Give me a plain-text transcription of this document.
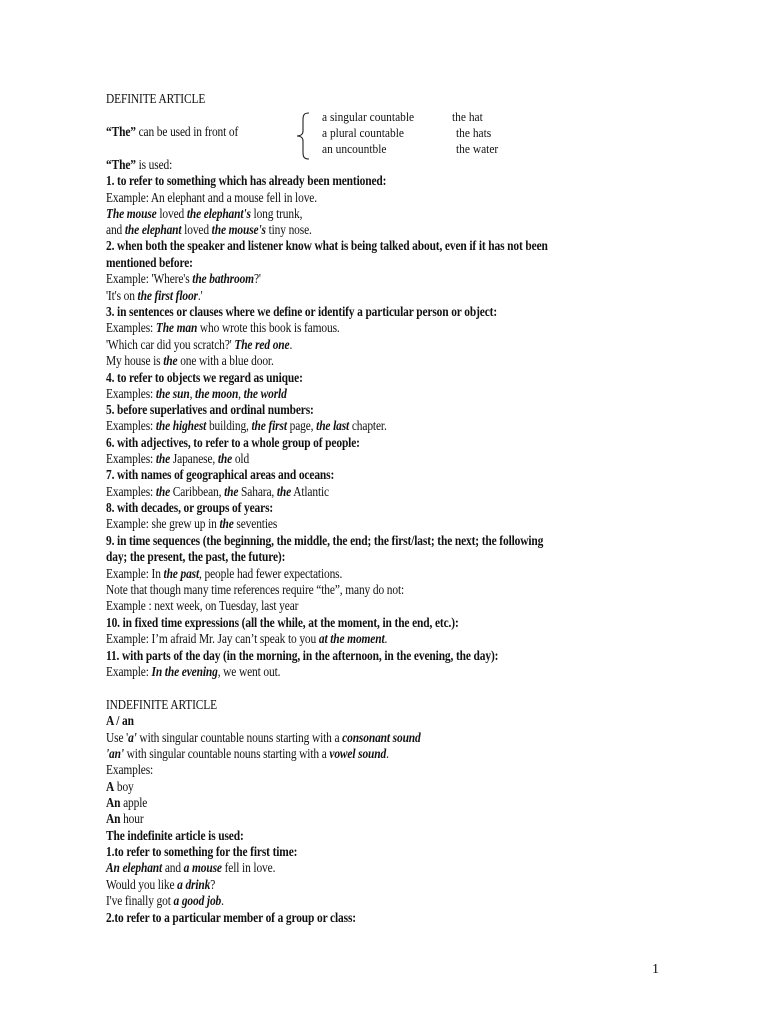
DEFINITE ARTICLE
“The” can be used in front of
a singular countable
a plural countable
an uncountble
the hat
the hats
the water
“The” is used:
1. to refer to something which has already been mentioned:
Example: An elephant and a mouse fell in love.
The mouse loved the elephant's long trunk,
and the elephant loved the mouse's tiny nose.
2. when both the speaker and listener know what is being talked about, even if it has not been
mentioned before:
Example: 'Where's the bathroom?'
'It's on the first floor.'
3. in sentences or clauses where we define or identify a particular person or object:
Examples: The man who wrote this book is famous.
'Which car did you scratch?' The red one.
My house is the one with a blue door.
4. to refer to objects we regard as unique:
Examples: the sun, the moon, the world
5. before superlatives and ordinal numbers:
Examples: the highest building, the first page, the last chapter.
6. with adjectives, to refer to a whole group of people:
Examples: the Japanese, the old
7. with names of geographical areas and oceans:
Examples: the Caribbean, the Sahara, the Atlantic
8. with decades, or groups of years:
Example: she grew up in the seventies
9. in time sequences (the beginning, the middle, the end; the first/last; the next; the following
day; the present, the past, the future):
Example: In the past, people had fewer expectations.
Note that though many time references require “the”, many do not:
Example : next week, on Tuesday, last year
10. in fixed time expressions (all the while, at the moment, in the end, etc.):
Example: I’m afraid Mr. Jay can’t speak to you at the moment.
11. with parts of the day (in the morning, in the afternoon, in the evening, the day):
Example: In the evening, we went out.
INDEFINITE ARTICLE
A / an
Use 'a' with singular countable nouns starting with a consonant sound
'an' with singular countable nouns starting with a vowel sound.
Examples:
A boy
An apple
An hour
The indefinite article is used:
1.to refer to something for the first time:
An elephant and a mouse fell in love.
Would you like a drink?
I've finally got a good job.
2.to refer to a particular member of a group or class:
1
